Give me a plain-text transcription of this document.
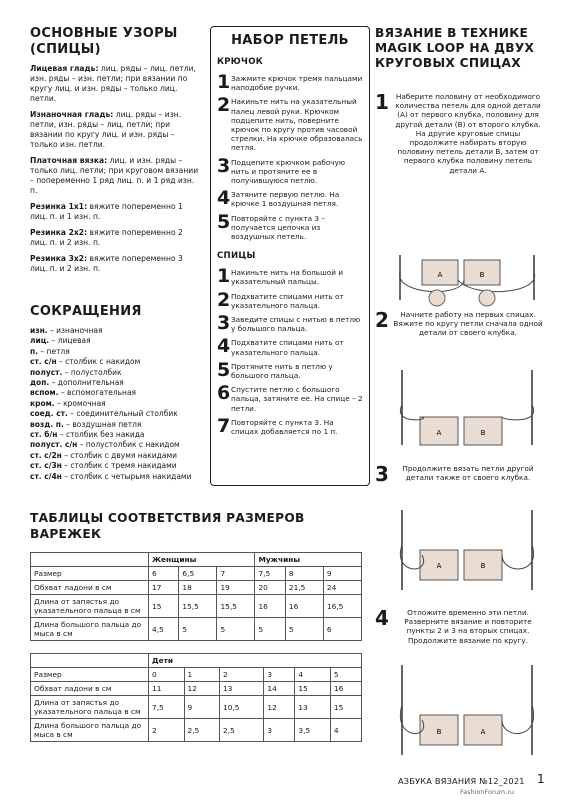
ОСНОВНЫЕ УЗОРЫ
(СПИЦЫ)
Лицевая гладь: лиц. ряды – лиц. петли, изн. ряды – изн. петли; при вязании по кругу лиц. и изн. ряды – только лиц. петли.
Изнаночная гладь: лиц. ряды – изн. петли, изн. ряды – лиц. петли; при вязании по кругу лиц. и изн. ряды – только изн. петли.
Платочная вязка: лиц. и изн. ряды – только лиц. петли; при круговом вязании – попеременно 1 ряд лиц. п. и 1 ряд изн. п.
Резинка 1х1: вяжите попеременно 1 лиц. п. и 1 изн. п.
Резинка 2х2: вяжите попеременно 2 лиц. п. и 2 изн. п.
Резинка 3х2: вяжите попеременно 3 лиц. п. и 2 изн. п.
СОКРАЩЕНИЯ
изн. – изнаночная
лиц. – лицевая
п. – петля
ст. с/н – столбик с накидом
полуст. – полустолбик
доп. – дополнительная
вспом. – вспомогательная
кром. – кромочная
соед. ст. – соединительный столбик
возд. п. – воздушная петля
ст. б/н – столбик без накида
полуст. с/н – полустолбик с накидом
ст. с/2н – столбик с двумя накидами
ст. с/3н – столбик с тремя накидами
ст. с/4н – столбик с четырьмя накидами
НАБОР ПЕТЕЛЬ
КРЮЧОК
1 Зажмите крючок тремя пальцами наподобие ручки.
2 Накиньте нить на указательный палец левой руки. Крючком подцепите нить, поверните крючок по кругу против часовой стрелки. На крючке образовалась петля.
3 Подцепите крючком рабочую нить и протяните ее в получившуюся петлю.
4 Затяните первую петлю. На крючке 1 воздушная петля.
5 Повторяйте с пункта 3 – получается цепочка из воздушных петель.
СПИЦЫ
1 Накиньте нить на большой и указательный пальцы.
2 Подхватите спицами нить от указательного пальца.
3 Заведите спицы с нитью в петлю у большого пальца.
4 Подхватите спицами нить от указательного пальца.
5 Протяните нить в петлю у большого пальца.
6 Спустите петлю с большого пальца, затяните ее. На спице – 2 петли.
7 Повторяйте с пункта 3. На спицах добавляется по 1 п.
ВЯЗАНИЕ В ТЕХНИКЕ
MAGIK LOOP НА ДВУХ
КРУГОВЫХ СПИЦАХ
1 Наберите половину от необходимого количества петель для одной детали (А) от первого клубка, половину для другой детали (В) от второго клубка. На другие круговые спицы продолжите набирать вторую половину петель детали В, затем от первого клубка половину петель детали А.
2	Начните работу на первых спицах. Вяжите по кругу петли сначала одной детали от своего клубка.
3	Продолжите вязать петли другой детали также от своего клубка.
4	Отложите временно эти петли. Разверните вязание и повторите пункты 2 и 3 на вторых спицах. Продолжите вязание по кругу.
А	В
А	В
А	В
В	А
ТАБЛИЦЫ СООТВЕТСТВИЯ РАЗМЕРОВ ВАРЕЖЕК
	Женщины			Мужчины		
Размер	6	6,5	7	7,5	8	9
Обхват ладони в см	17	18	19	20	21,5	24
Длина от запястья до указательного пальца в см	15	15,5	15,5	16	16	16,5
Длина большого пальца до мыса в см	4,5	5	5	5	5	6
	Дети					
Размер	0	1	2	3	4	5
Обхват ладони в см	11	12	13	14	15	16
Длина от запястья до указательного пальца в см	7,5	9	10,5	12	13	15
Длина большого пальца до мыса в см	2	2,5	2,5	3	3,5	4
АЗБУКА ВЯЗАНИЯ №12_2021 1
FashionForum.ru
